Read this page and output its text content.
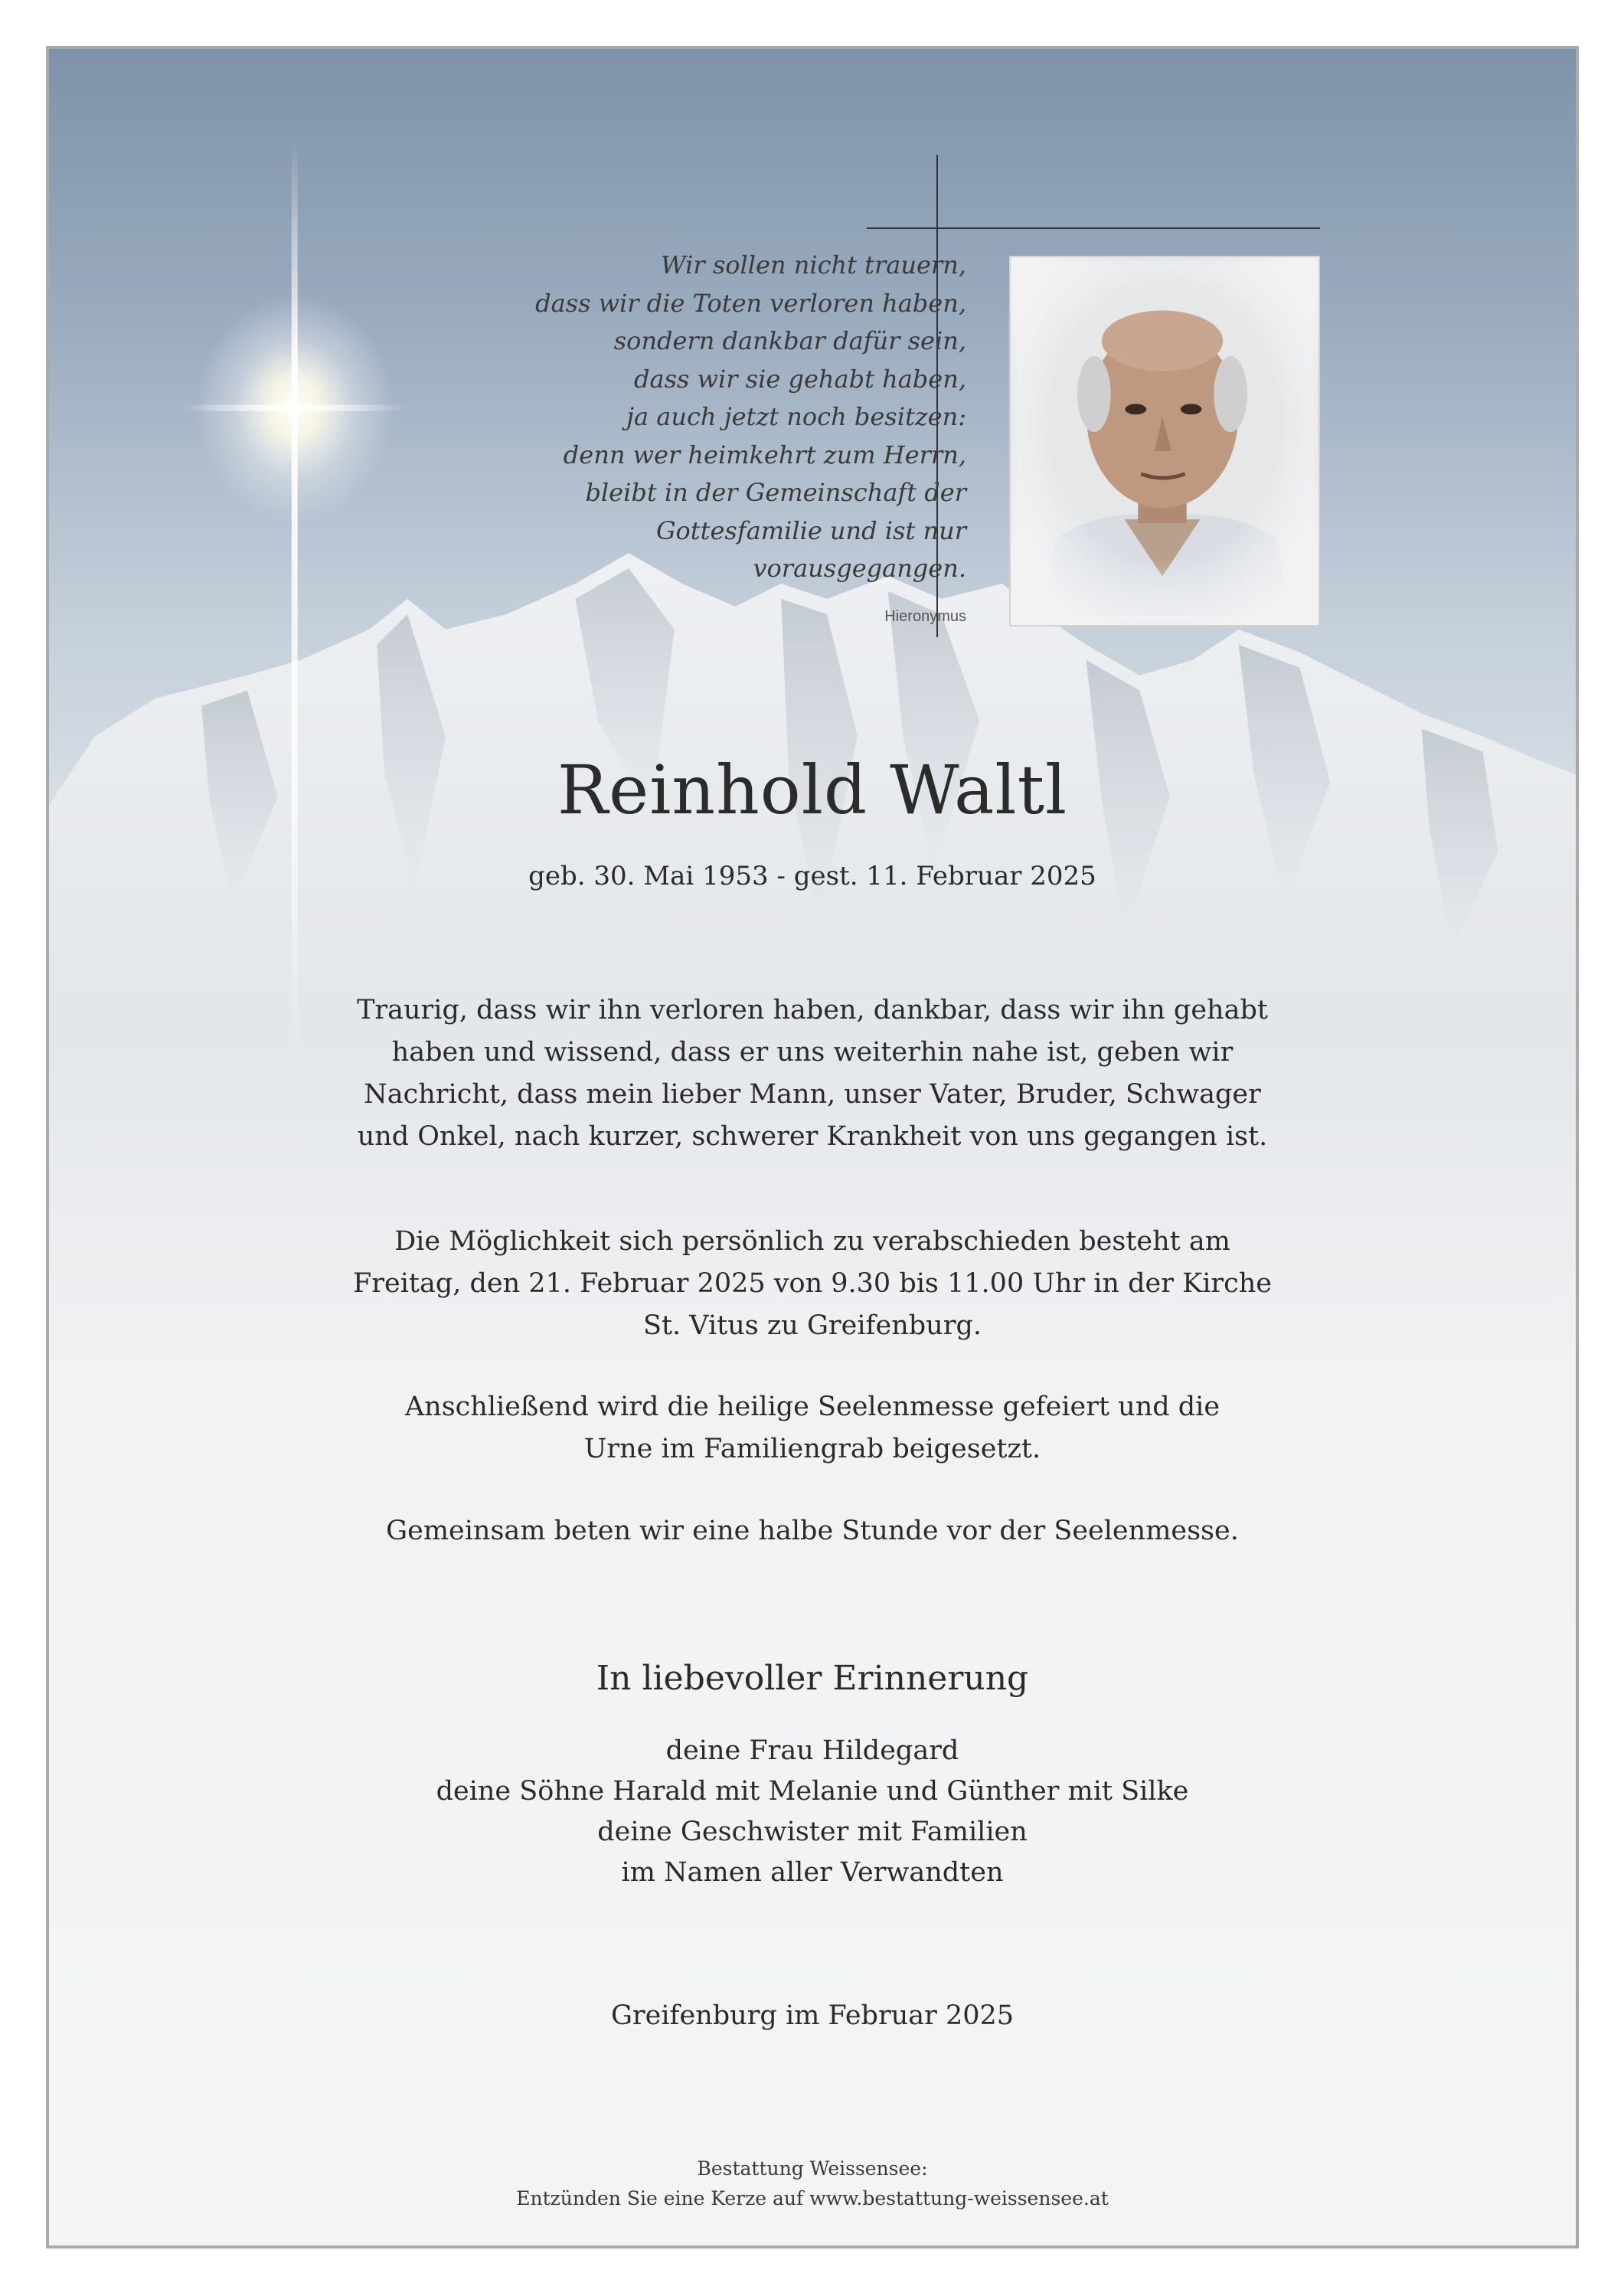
Wir sollen nicht trauern,
dass wir die Toten verloren haben,
sondern dankbar dafür sein,
dass wir sie gehabt haben,
ja auch jetzt noch besitzen:
denn wer heimkehrt zum Herrn,
bleibt in der Gemeinschaft der
Gottesfamilie und ist nur
vorausgegangen.
Hieronymus
Reinhold Waltl
geb. 30. Mai 1953 - gest. 11. Februar 2025
Traurig, dass wir ihn verloren haben, dankbar, dass wir ihn gehabt
haben und wissend, dass er uns weiterhin nahe ist, geben wir
Nachricht, dass mein lieber Mann, unser Vater, Bruder, Schwager
und Onkel, nach kurzer, schwerer Krankheit von uns gegangen ist.
Die Möglichkeit sich persönlich zu verabschieden besteht am
Freitag, den 21. Februar 2025 von 9.30 bis 11.00 Uhr in der Kirche
St. Vitus zu Greifenburg.
Anschließend wird die heilige Seelenmesse gefeiert und die
Urne im Familiengrab beigesetzt.
Gemeinsam beten wir eine halbe Stunde vor der Seelenmesse.
In liebevoller Erinnerung
deine Frau Hildegard
deine Söhne Harald mit Melanie und Günther mit Silke
deine Geschwister mit Familien
im Namen aller Verwandten
Greifenburg im Februar 2025
Bestattung Weissensee:
Entzünden Sie eine Kerze auf www.bestattung-weissensee.at
